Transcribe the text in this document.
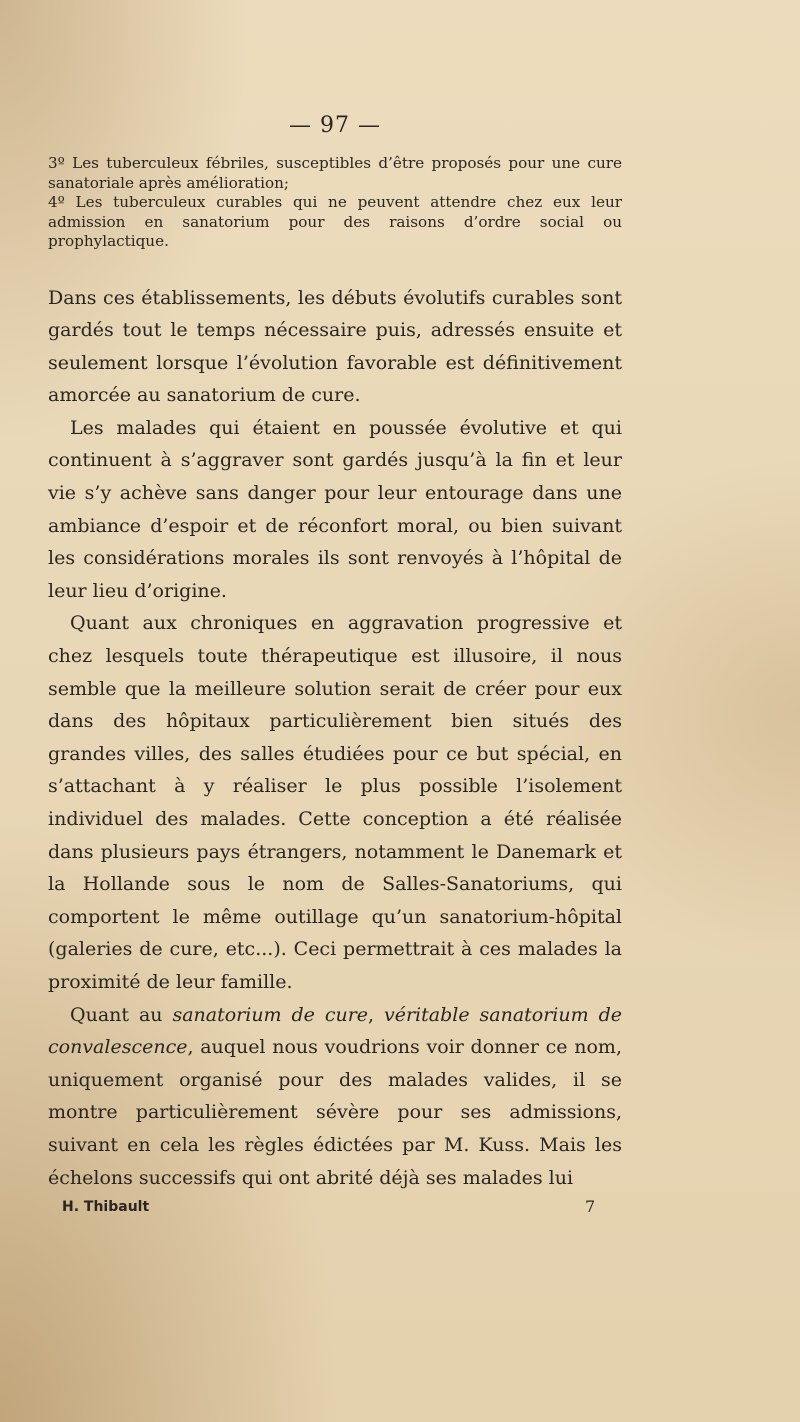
— 97 —

3º Les tuberculeux fébriles, susceptibles d’être proposés pour une cure sanatoriale après amélioration;

4º Les tuberculeux curables qui ne peuvent attendre chez eux leur admission en sanatorium pour des raisons d’ordre social ou prophylactique.

Dans ces établissements, les débuts évolutifs curables sont gardés tout le temps nécessaire puis, adressés ensuite et seulement lorsque l’évolution favorable est définitivement amorcée au sanatorium de cure.

Les malades qui étaient en poussée évolutive et qui continuent à s’aggraver sont gardés jusqu’à la fin et leur vie s’y achève sans danger pour leur entourage dans une ambiance d’espoir et de réconfort moral, ou bien suivant les considérations morales ils sont renvoyés à l’hôpital de leur lieu d’origine.

Quant aux chroniques en aggravation progressive et chez lesquels toute thérapeutique est illusoire, il nous semble que la meilleure solution serait de créer pour eux dans des hôpitaux particulièrement bien situés des grandes villes, des salles étudiées pour ce but spécial, en s’attachant à y réaliser le plus possible l’isolement individuel des malades. Cette conception a été réalisée dans plusieurs pays étrangers, notamment le Danemark et la Hollande sous le nom de Salles-Sanatoriums, qui comportent le même outillage qu’un sanatorium-hôpital (galeries de cure, etc...). Ceci permettrait à ces malades la proximité de leur famille.

Quant au sanatorium de cure, véritable sanatorium de convalescence, auquel nous voudrions voir donner ce nom, uniquement organisé pour des malades valides, il se montre particulièrement sévère pour ses admissions, suivant en cela les règles édictées par M. Kuss. Mais les échelons successifs qui ont abrité déjà ses malades lui

H. Thibault	7
